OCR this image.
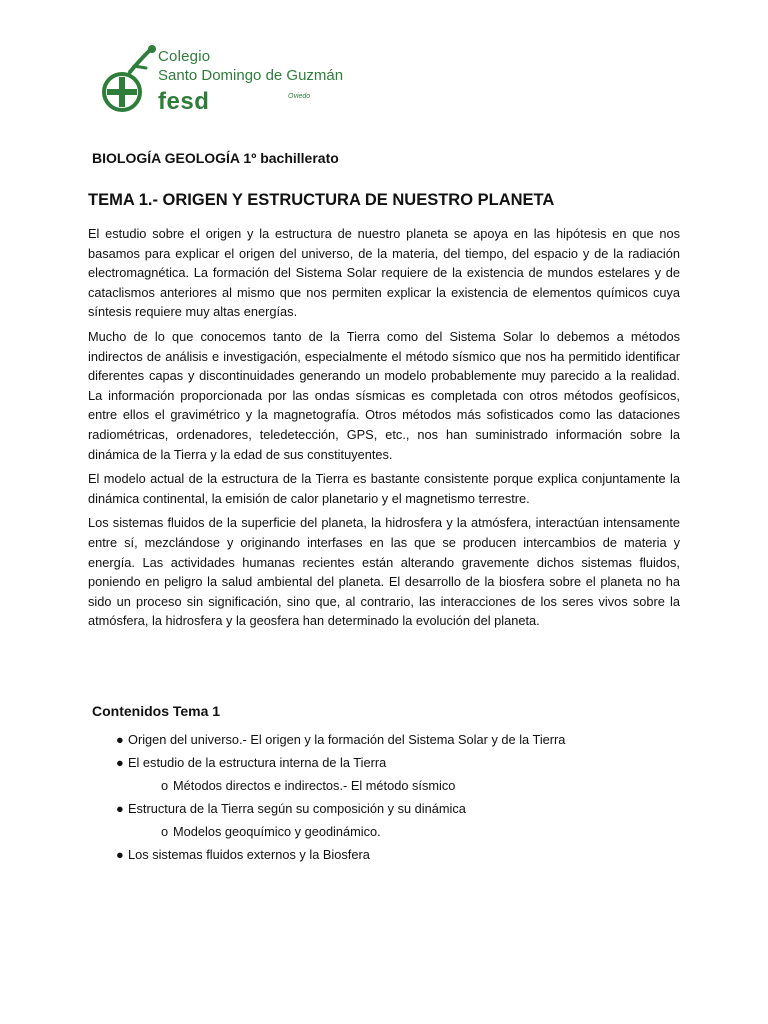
Colegio
Santo Domingo de Guzmán
fesd	Oviedo
BIOLOGÍA GEOLOGÍA 1º bachillerato
TEMA 1.- ORIGEN Y ESTRUCTURA DE NUESTRO PLANETA

El estudio sobre el origen y la estructura de nuestro planeta se apoya en las hipótesis en que nos basamos para explicar el origen del universo, de la materia, del tiempo, del espacio y de la radiación electromagnética. La formación del Sistema Solar requiere de la existencia de mundos estelares y de cataclismos anteriores al mismo que nos permiten explicar la existencia de elementos químicos cuya síntesis requiere muy altas energías.

Mucho de lo que conocemos tanto de la Tierra como del Sistema Solar lo debemos a métodos indirectos de análisis e investigación, especialmente el método sísmico que nos ha permitido identificar diferentes capas y discontinuidades generando un modelo probablemente muy parecido a la realidad. La información proporcionada por las ondas sísmicas es completada con otros métodos geofísicos, entre ellos el gravimétrico y la magnetografía. Otros métodos más sofisticados como las dataciones radiométricas, ordenadores, teledetección, GPS, etc., nos han suministrado información sobre la dinámica de la Tierra y la edad de sus constituyentes.

El modelo actual de la estructura de la Tierra es bastante consistente porque explica conjuntamente la dinámica continental, la emisión de calor planetario y el magnetismo terrestre.

Los sistemas fluidos de la superficie del planeta, la hidrosfera y la atmósfera, interactúan intensamente entre sí, mezclándose y originando interfases en las que se producen intercambios de materia y energía. Las actividades humanas recientes están alterando gravemente dichos sistemas fluidos, poniendo en peligro la salud ambiental del planeta. El desarrollo de la biosfera sobre el planeta no ha sido un proceso sin significación, sino que, al contrario, las interacciones de los seres vivos sobre la atmósfera, la hidrosfera y la geosfera han determinado la evolución del planeta.

Contenidos Tema 1
● Origen del universo.- El origen y la formación del Sistema Solar y de la Tierra
● El estudio de la estructura interna de la Tierra
o Métodos directos e indirectos.- El método sísmico
● Estructura de la Tierra según su composición y su dinámica
o Modelos geoquímico y geodinámico.
● Los sistemas fluidos externos y la Biosfera
